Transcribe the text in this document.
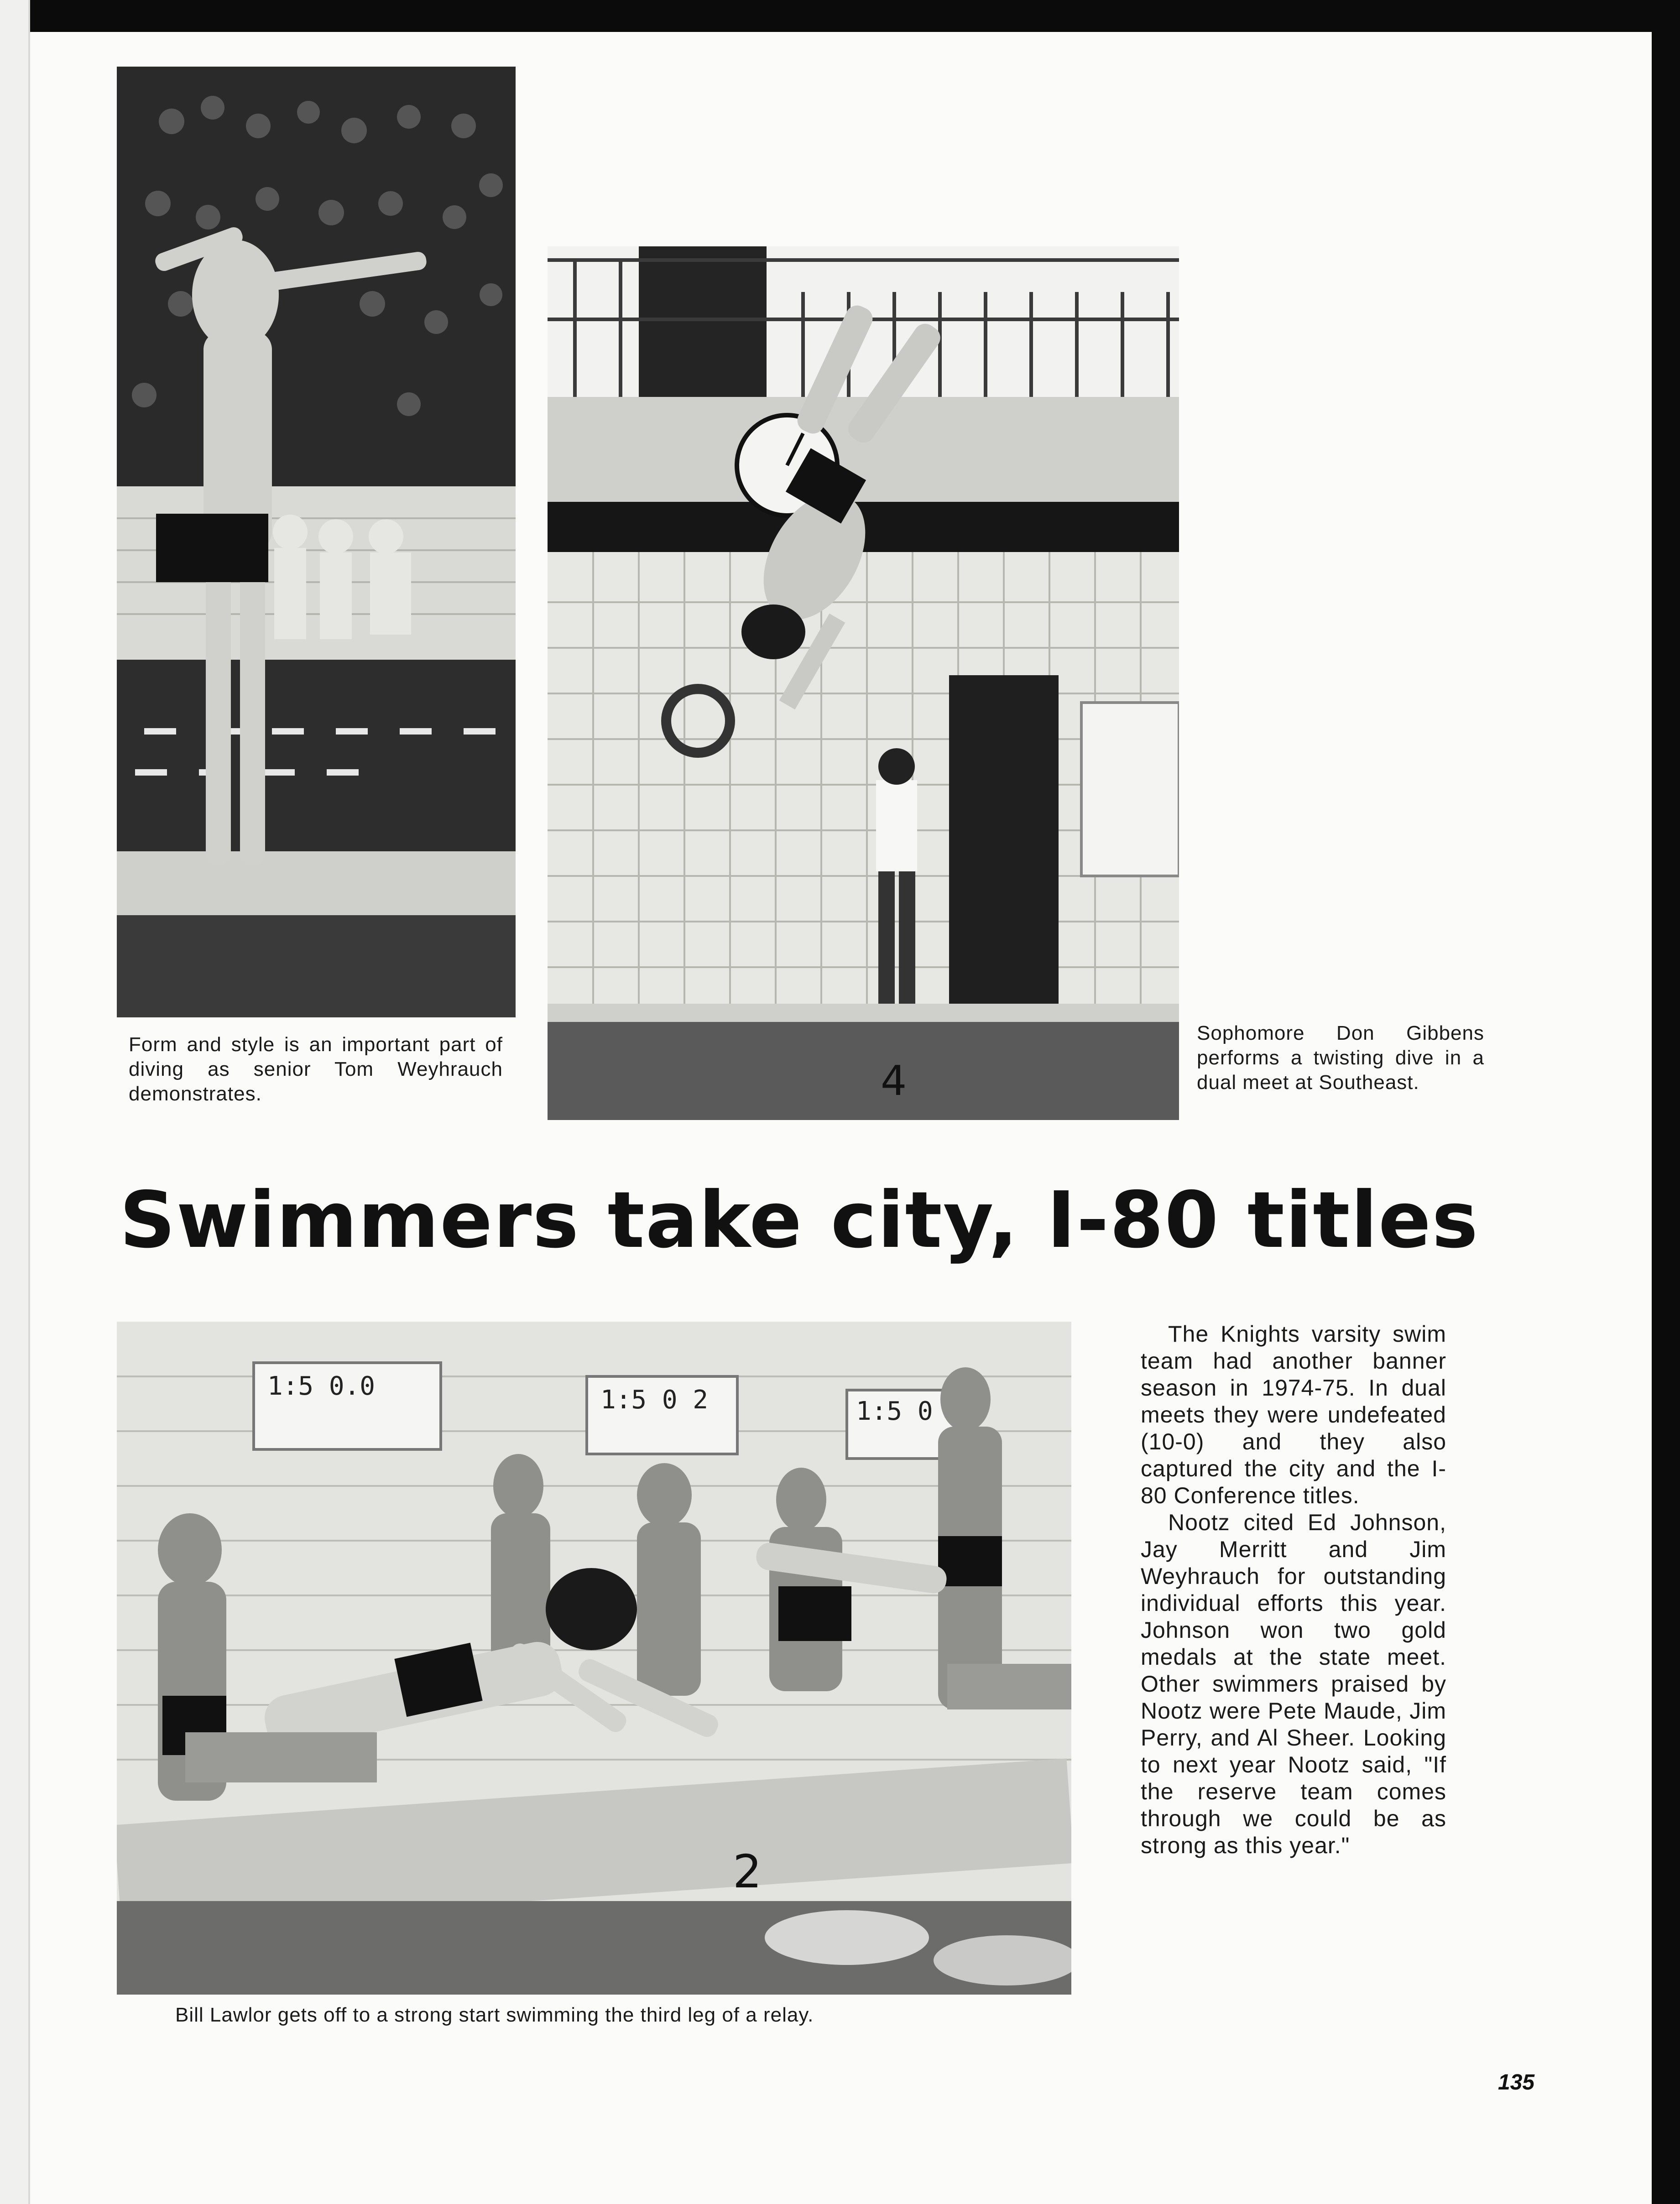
Form and style is an important part of diving as senior Tom Weyhrauch demonstrates.	4
Sophomore Don Gibbens performs a twisting dive in a dual meet at Southeast.
Swimmers take city, I-80 titles
1:5 0.0	1:5 0 2	1:5 0
2
Bill Lawlor gets off to a strong start swimming the third leg of a relay.

The Knights varsity swim team had another banner season in 1974-75. In dual meets they were undefeated (10-0) and they also captured the city and the I-80 Conference titles.

Nootz cited Ed Johnson, Jay Merritt and Jim Weyhrauch for outstanding individual efforts this year. Johnson won two gold medals at the state meet. Other swimmers praised by Nootz were Pete Maude, Jim Perry, and Al Sheer. Looking to next year Nootz said, "If the reserve team comes through we could be as strong as this year."

135
